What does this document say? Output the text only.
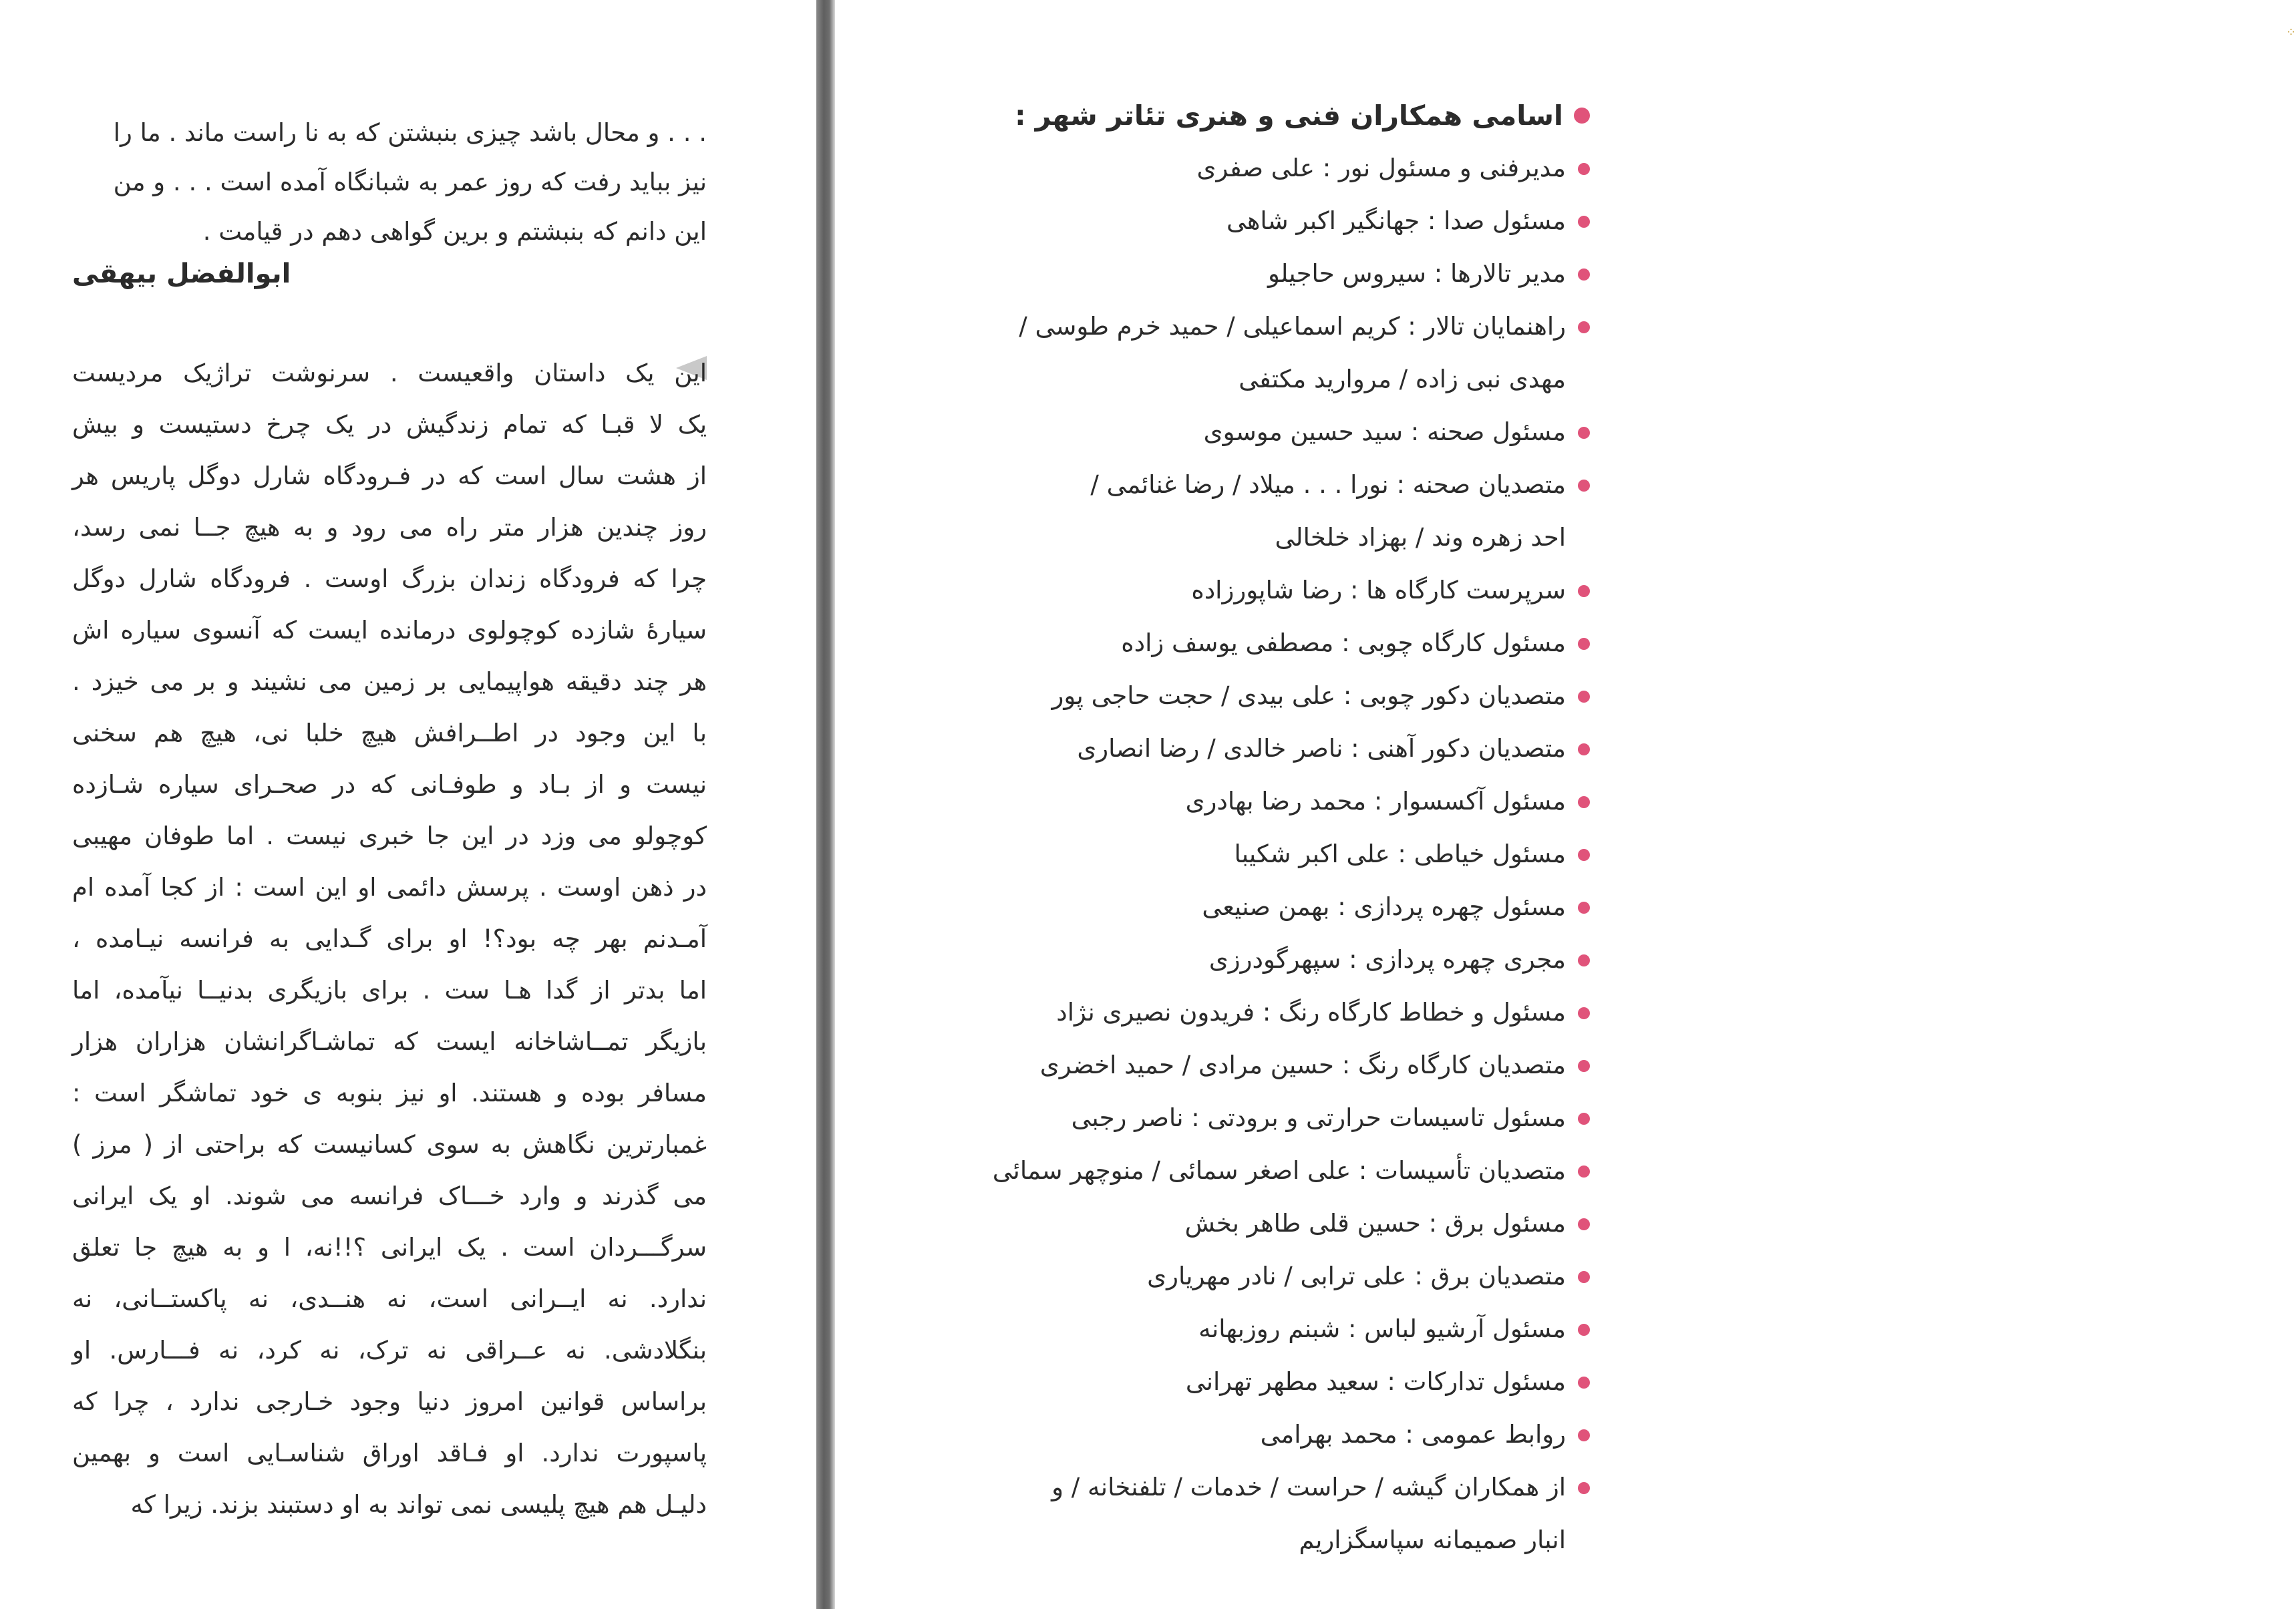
. . . و محال باشد چیزی بنبشتن که به نا راست ماند . ما را

نیز بباید رفت که روز عمر به شبانگاه آمده است . . . و من

این دانم که بنبشتم و برین گواهی دهم در قیامت .

ابوالفضل بیهقی

این یک داستان واقعیست . سرنوشت تراژیک مردیست

یک لا قبـا که تمام زندگیش در یک چرخ دستیست و بیش

از هشت سال است که در فـرودگاه شارل دوگل پاریس هر

روز چندین هزار متر راه می رود و به هیچ جــا نمی رسد،

چرا که فرودگاه زندان بزرگ اوست . فرودگاه شارل دوگل

سیارهٔ شازده کوچولوی درمانده ایست که آنسوی سیاره اش

هر چند دقیقه هواپیمایی بر زمین می نشیند و بر می خیزد .

با این وجود در اطــرافش هیچ خلبا نی، هیچ هم سخنی

نیست و از بـاد و طوفـانی که در صحـرای سیاره شـازده

کوچولو می وزد در این جا خبری نیست . اما طوفان مهیبی

در ذهن اوست . پرسش دائمی او این است : از کجا آمده ام

آمـدنم بهر چه بود؟! او برای گـدایی به فرانسه نیـامده ،

اما بدتر از گدا هـا ست . برای بازیگری بدنیــا نیآمده، اما

بازیگر تمــاشاخانه ایست که تماشـاگرانشان هزاران هزار

مسافر بوده و هستند. او نیز بنوبه ی خود تماشگر است :

غمبارترین نگاهش به سوی کسانیست که براحتی از ( مرز )

می گذرند و وارد خـــاک فرانسه می شوند. او یک ایرانی

سرگـــردان است . یک ایرانی ؟!!نه، ا و به هیچ جا تعلق

ندارد. نه ایــرانی است، نه هنــدی، نه پاکستــانی، نه

بنگلادشی. نه عــراقی نه ترک، نه کرد، نه فـــارس. او

براساس قوانین امروز دنیا وجود خـارجی ندارد ، چرا که

پاسپورت ندارد. او فـاقد اوراق شناسـایی است و بهمین

دلیـل هم هیچ پلیسی نمی تواند به او دستبند بزند. زیرا که

⁘
اسامی همکاران فنی و هنری تئاتر شهر :
مدیرفنی و مسئول نور : علی صفری
مسئول صدا : جهانگیر اکبر شاهی
مدیر تالارها : سیروس حاجیلو
راهنمایان تالار : کریم اسماعیلی / حمید خرم طوسی /
مهدی نبی زاده / مروارید مکتفی
مسئول صحنه : سید حسین موسوی
متصدیان صحنه : نورا . . . میلاد / رضا غنائمی /
احد زهره وند / بهزاد خلخالی
سرپرست کارگاه ها : رضا شاپورزاده
مسئول کارگاه چوبی : مصطفی یوسف زاده
متصدیان دکور چوبی : علی بیدی / حجت حاجی پور
متصدیان دکور آهنی : ناصر خالدی / رضا انصاری
مسئول آکسسوار : محمد رضا بهادری
مسئول خیاطی : علی اکبر شکیبا
مسئول چهره پردازی : بهمن صنیعی
مجری چهره پردازی : سپهرگودرزی
مسئول و خطاط کارگاه رنگ : فریدون نصیری نژاد
متصدیان کارگاه رنگ : حسین مرادی / حمید اخضری
مسئول تاسیسات حرارتی و برودتی : ناصر رجبی
متصدیان تأسیسات : علی اصغر سمائی / منوچهر سمائی
مسئول برق : حسین قلی طاهر بخش
متصدیان برق : علی ترابی / نادر مهریاری
مسئول آرشیو لباس : شبنم روزبهانه
مسئول تدارکات : سعید مطهر تهرانی
روابط عمومی : محمد بهرامی
از همکاران گیشه / حراست / خدمات / تلفنخانه / و
انبار صمیمانه سپاسگزاریم
